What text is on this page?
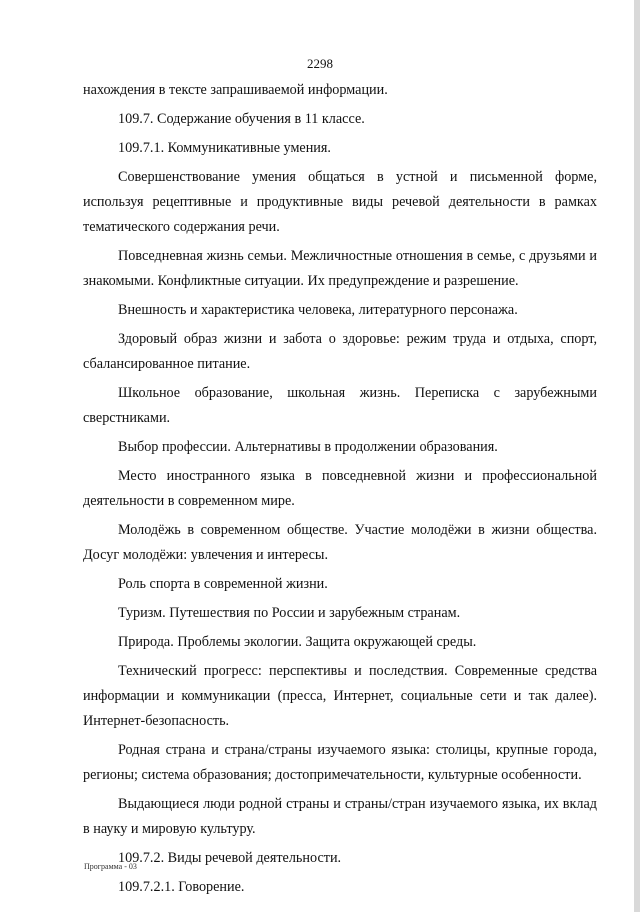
2298

нахождения в тексте запрашиваемой информации.

109.7. Содержание обучения в 11 классе.

109.7.1. Коммуникативные умения.

Совершенствование умения общаться в устной и письменной форме, используя рецептивные и продуктивные виды речевой деятельности в рамках тематического содержания речи.

Повседневная жизнь семьи. Межличностные отношения в семье, с друзьями и знакомыми. Конфликтные ситуации. Их предупреждение и разрешение.

Внешность и характеристика человека, литературного персонажа.

Здоровый образ жизни и забота о здоровье: режим труда и отдыха, спорт, сбалансированное питание.

Школьное образование, школьная жизнь. Переписка с зарубежными сверстниками.

Выбор профессии. Альтернативы в продолжении образования.

Место иностранного языка в повседневной жизни и профессиональной деятельности в современном мире.

Молодёжь в современном обществе. Участие молодёжи в жизни общества. Досуг молодёжи: увлечения и интересы.

Роль спорта в современной жизни.

Туризм. Путешествия по России и зарубежным странам.

Природа. Проблемы экологии. Защита окружающей среды.

Технический прогресс: перспективы и последствия. Современные средства информации и коммуникации (пресса, Интернет, социальные сети и так далее). Интернет-безопасность.

Родная страна и страна/страны изучаемого языка: столицы, крупные города, регионы; система образования; достопримечательности, культурные особенности.

Выдающиеся люди родной страны и страны/стран изучаемого языка, их вклад в науку и мировую культуру.

109.7.2. Виды речевой деятельности.

109.7.2.1. Говорение.

Программа - 03
